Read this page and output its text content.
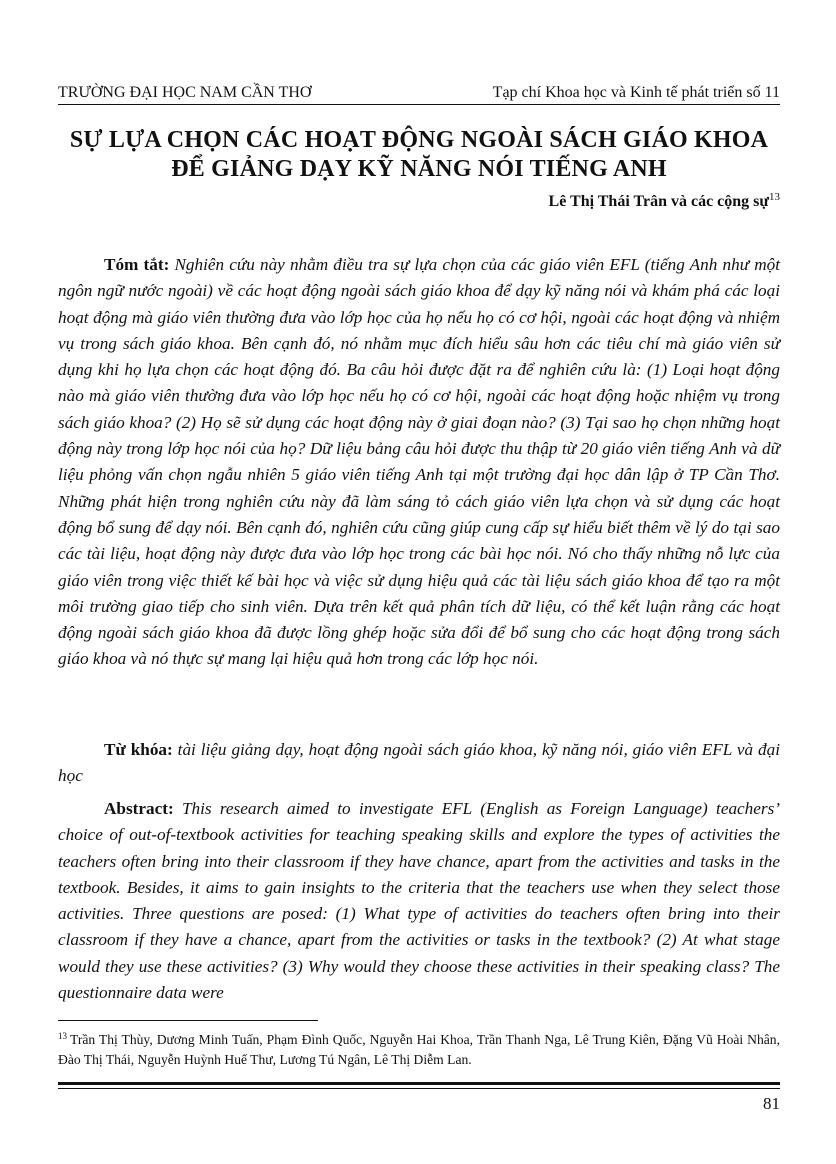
TRƯỜNG ĐẠI HỌC NAM CẦN THƠ	Tạp chí Khoa học và Kinh tế phát triển số 11
SỰ LỰA CHỌN CÁC HOẠT ĐỘNG NGOÀI SÁCH GIÁO KHOA
ĐỂ GIẢNG DẠY KỸ NĂNG NÓI TIẾNG ANH
Lê Thị Thái Trân và các cộng sự$^{13}$

Tóm tắt: Nghiên cứu này nhằm điều tra sự lựa chọn của các giáo viên EFL (tiếng Anh như một ngôn ngữ nước ngoài) về các hoạt động ngoài sách giáo khoa để dạy kỹ năng nói và khám phá các loại hoạt động mà giáo viên thường đưa vào lớp học của họ nếu họ có cơ hội, ngoài các hoạt động và nhiệm vụ trong sách giáo khoa. Bên cạnh đó, nó nhằm mục đích hiểu sâu hơn các tiêu chí mà giáo viên sử dụng khi họ lựa chọn các hoạt động đó. Ba câu hỏi được đặt ra để nghiên cứu là: (1) Loại hoạt động nào mà giáo viên thường đưa vào lớp học nếu họ có cơ hội, ngoài các hoạt động hoặc nhiệm vụ trong sách giáo khoa? (2) Họ sẽ sử dụng các hoạt động này ở giai đoạn nào? (3) Tại sao họ chọn những hoạt động này trong lớp học nói của họ? Dữ liệu bảng câu hỏi được thu thập từ 20 giáo viên tiếng Anh và dữ liệu phỏng vấn chọn ngẫu nhiên 5 giáo viên tiếng Anh tại một trường đại học dân lập ở TP Cần Thơ. Những phát hiện trong nghiên cứu này đã làm sáng tỏ cách giáo viên lựa chọn và sử dụng các hoạt động bổ sung để dạy nói. Bên cạnh đó, nghiên cứu cũng giúp cung cấp sự hiểu biết thêm về lý do tại sao các tài liệu, hoạt động này được đưa vào lớp học trong các bài học nói. Nó cho thấy những nỗ lực của giáo viên trong việc thiết kế bài học và việc sử dụng hiệu quả các tài liệu sách giáo khoa để tạo ra một môi trường giao tiếp cho sinh viên. Dựa trên kết quả phân tích dữ liệu, có thể kết luận rằng các hoạt động ngoài sách giáo khoa đã được lồng ghép hoặc sửa đổi để bổ sung cho các hoạt động trong sách giáo khoa và nó thực sự mang lại hiệu quả hơn trong các lớp học nói.

Từ khóa: tài liệu giảng dạy, hoạt động ngoài sách giáo khoa, kỹ năng nói, giáo viên EFL và đại học

Abstract: This research aimed to investigate EFL (English as Foreign Language) teachers’ choice of out-of-textbook activities for teaching speaking skills and explore the types of activities the teachers often bring into their classroom if they have chance, apart from the activities and tasks in the textbook. Besides, it aims to gain insights to the criteria that the teachers use when they select those activities. Three questions are posed: (1) What type of activities do teachers often bring into their classroom if they have a chance, apart from the activities or tasks in the textbook? (2) At what stage would they use these activities? (3) Why would they choose these activities in their speaking class? The questionnaire data were

$^{13}$ Trần Thị Thùy, Dương Minh Tuấn, Phạm Đình Quốc, Nguyễn Hai Khoa, Trần Thanh Nga, Lê Trung Kiên, Đặng Vũ Hoài Nhân, Đào Thị Thái, Nguyễn Huỳnh Huế Thư, Lương Tú Ngân, Lê Thị Diễm Lan.
81
